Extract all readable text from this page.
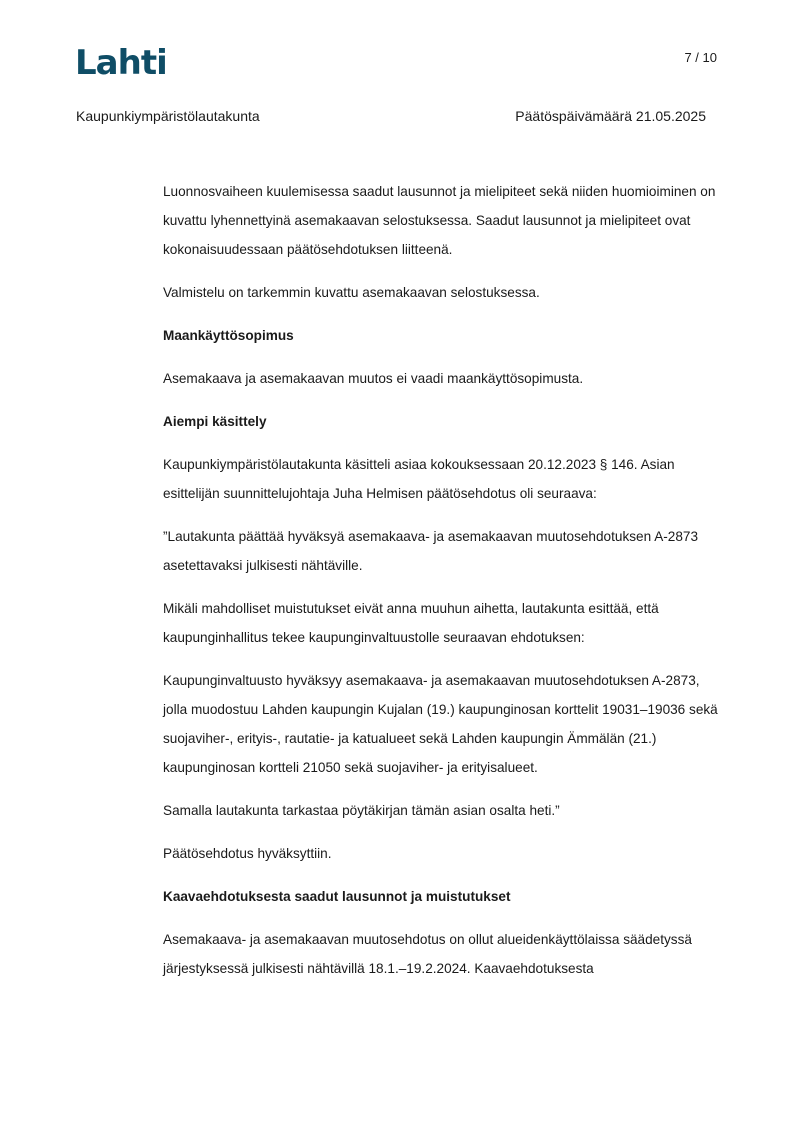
Lahti	7 / 10
Kaupunkiympäristölautakunta	Päätöspäivämäärä 21.05.2025

Luonnosvaiheen kuulemisessa saadut lausunnot ja mielipiteet sekä niiden huomioiminen on kuvattu lyhennettyinä asemakaavan selostuksessa. Saadut lausunnot ja mielipiteet ovat kokonaisuudessaan päätösehdotuksen liitteenä.

Valmistelu on tarkemmin kuvattu asemakaavan selostuksessa.

Maankäyttösopimus

Asemakaava ja asemakaavan muutos ei vaadi maankäyttösopimusta.

Aiempi käsittely

Kaupunkiympäristölautakunta käsitteli asiaa kokouksessaan 20.12.2023 § 146. Asian esittelijän suunnittelujohtaja Juha Helmisen päätösehdotus oli seuraava:

”Lautakunta päättää hyväksyä asemakaava- ja asemakaavan muutosehdotuksen A-2873 asetettavaksi julkisesti nähtäville.

Mikäli mahdolliset muistutukset eivät anna muuhun aihetta, lautakunta esittää, että kaupunginhallitus tekee kaupunginvaltuustolle seuraavan ehdotuksen:

Kaupunginvaltuusto hyväksyy asemakaava- ja asemakaavan muutosehdotuksen A-2873, jolla muodostuu Lahden kaupungin Kujalan (19.) kaupunginosan korttelit 19031–19036 sekä suojaviher-, erityis-, rautatie- ja katualueet sekä Lahden kaupungin Ämmälän (21.) kaupunginosan kortteli 21050 sekä suojaviher- ja erityisalueet.

Samalla lautakunta tarkastaa pöytäkirjan tämän asian osalta heti.”

Päätösehdotus hyväksyttiin.

Kaavaehdotuksesta saadut lausunnot ja muistutukset

Asemakaava- ja asemakaavan muutosehdotus on ollut alueidenkäyttölaissa säädetyssä järjestyksessä julkisesti nähtävillä 18.1.–19.2.2024. Kaavaehdotuksesta
